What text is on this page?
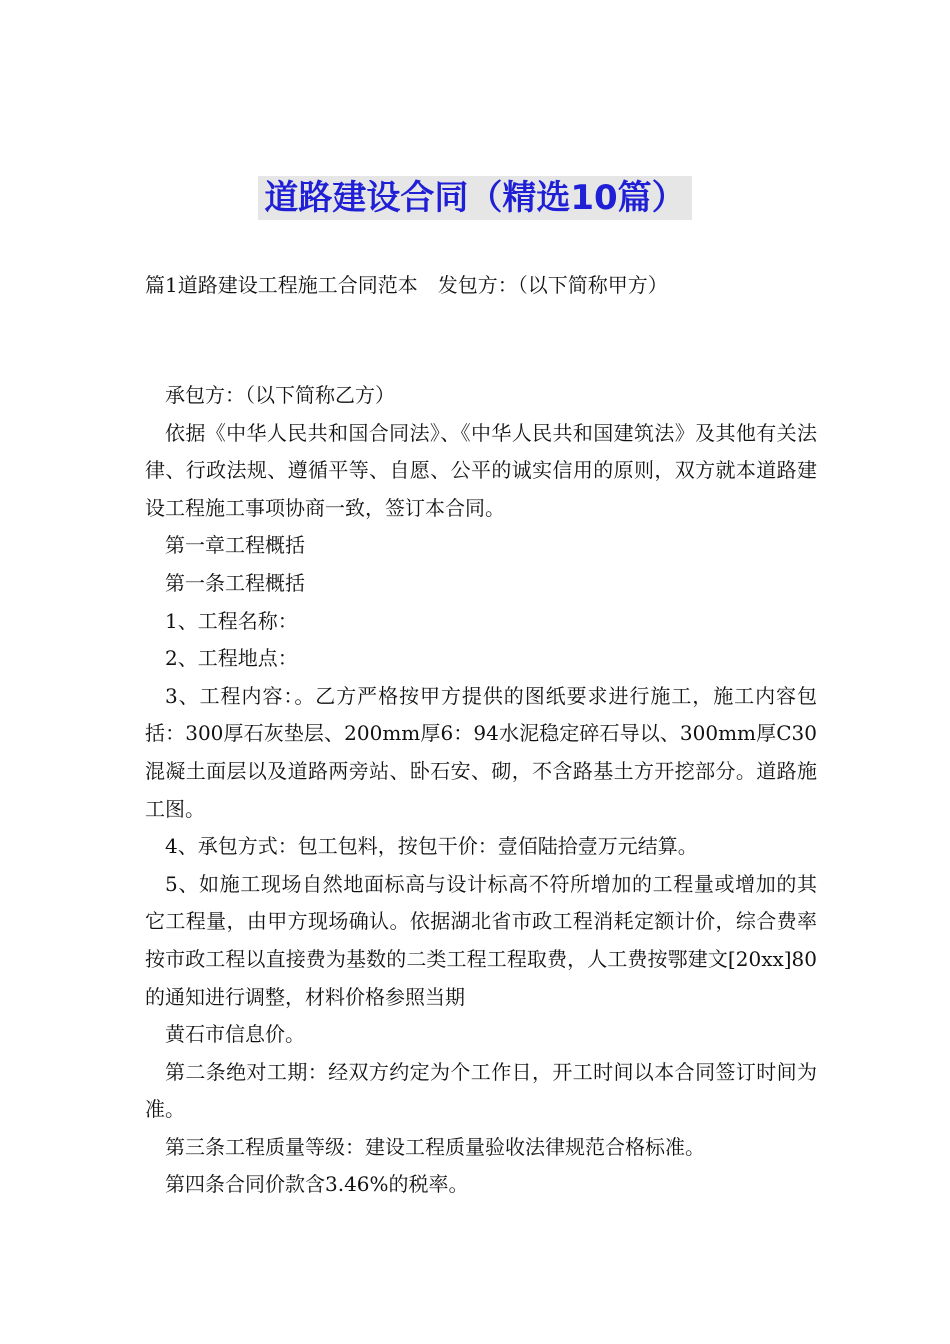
道路建设合同（精选10篇）
篇1道路建设工程施工合同范本　发包方：（以下简称甲方）

承包方：（以下简称乙方）

依据《中华人民共和国合同法》、《中华人民共和国建筑法》及其他有关法律、行政法规、遵循平等、自愿、公平的诚实信用的原则，双方就本道路建设工程施工事项协商一致，签订本合同。

第一章工程概括

第一条工程概括

1、工程名称：

2、工程地点：

3、工程内容：。乙方严格按甲方提供的图纸要求进行施工，施工内容包括：300厚石灰垫层、200mm厚6：94水泥稳定碎石导以、300mm厚C30混凝土面层以及道路两旁站、卧石安、砌，不含路基土方开挖部分。道路施工图。

4、承包方式：包工包料，按包干价：壹佰陆拾壹万元结算。

5、如施工现场自然地面标高与设计标高不符所增加的工程量或增加的其它工程量，由甲方现场确认。依据湖北省市政工程消耗定额计价，综合费率按市政工程以直接费为基数的二类工程工程取费，人工费按鄂建文[20xx]80的通知进行调整，材料价格参照当期

黄石市信息价。

第二条绝对工期：经双方约定为个工作日，开工时间以本合同签订时间为准。

第三条工程质量等级：建设工程质量验收法律规范合格标准。

第四条合同价款含3.46%的税率。
